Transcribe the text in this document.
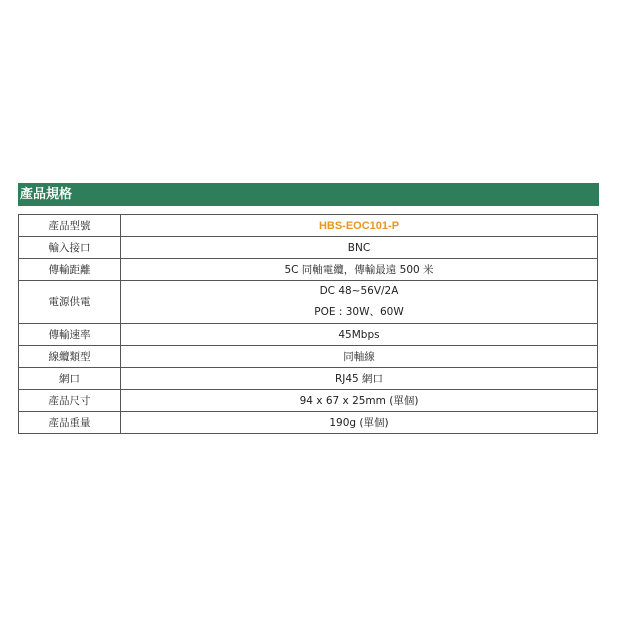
產品規格
產品型號	HBS-EOC101-P
輸入接口	BNC
傳輸距離	5C 同軸電纜，傳輸最遠 500 米
電源供電	DC 48~56V/2A
POE : 30W、60W

傳輸速率	45Mbps
線纜類型	同軸線
網口	RJ45 網口
產品尺寸	94 x 67 x 25mm (單個)
產品重量	190g (單個)
